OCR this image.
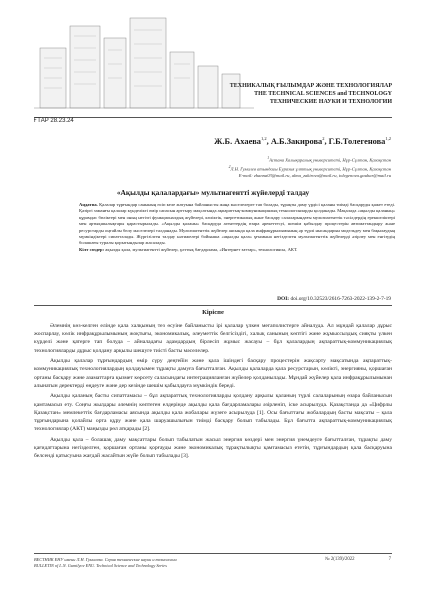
ТЕХНИКАЛЫҚ ҒЫЛЫМДАР ЖӘНЕ ТЕХНОЛОГИЯЛАР
THE TECHNICAL SCIENCES and TECHNOLOGY
ТЕХНИЧЕСКИЕ НАУКИ И ТЕХНОЛОГИИ
ҒТАР 28.23.24
Ж.Б. Ахаева$^{1,2}$, А.Б.Закирова$^2$, Г.Б.Толегенова$^{1,2}$
$^1$Астана Халықаралық университеті, Нұр-Сұлтан, Қазақстан
$^2$Л.Н. Гумилев атындағы Еуразия ұлттық университеті, Нұр-Сұлтан, Қазақстан
E-mail: zhanna03@mail.ru, alma_zakirova@mail.ru, tolegenova.gauhar@mail.ru
«Ақылды қалалардағы» мультиагентті жүйелерді талдау
Аңдатпа. Қалалар тұрғындар санының өсіп келе жатуына байланысты жаңа мәселелерге тап болады, тұрақты даму үрдісі қаланы тиімді басқаруды қажет етеді. Қазіргі заманғы қалалар күнделікті өмір сапасын арттыру мақсатында ақпараттық-коммуникациялық технологияларды қолданады. Мақалада «ақылды қаланың» құрамдас бөліктері мен оның негізгі функционалдық жүйелері, көліктік, энергетикалық және басқару салаларындағы мультиагенттік тәсілдердің ерекшеліктері мен артықшылықтары қарастырылады. «Ақылды қаланы» басқаруда агенттердің өзара әрекеттесуі, шешім қабылдау процестерін автоматтандыру және ресурстарды оңтайлы бөлу мәселелері талданады. Мультиагенттік жүйелер аясында қала инфрақұрылымының әр түрлі нысандарын модельдеу мен бақылаудың мүмкіндіктері сипатталады. Жүргізілген талдау нәтижелері бойынша «ақылды қала» ұғымына негізделген мультиагенттік жүйелерді әзірлеу мен енгізудің болашағы туралы қорытындылар жасалады.
Кілт сөздер: ақылды қала, мультиагентті жүйелер, ұлттық бағдарлама, «Интернет заттар», технологиясы, АКТ.
DOI: doi.org/10.32523/2616-7263-2022-139-2-7-19
Кіріспе

Әлемнің көз-келген елінде қала халқының тез өсуіне байланысты ірі қалалар үлкен мегаполистерге айналуда. Ал мұндай қалалар дұрыс жоспарлау, көлік инфрақұрылымының жоқтығы, экономикалық, әлеуметтік белгісіздігі, халық санының көптігі және жұмыссыздық сияқты үлкен күрделі және қатерге тап болуда – айналадағы адамдардың бірлесіп жұмыс жасауы – бұл қалалардың ақпараттық-коммуникациялық технологияларды дұрыс қолдану арқылы шешуге тиісті басты мәселелер.

Ақылды қалалар тұрғындардың өмір сүру деңгейін және қала ішіндегі басқару процестерін жақсарту мақсатында ақпараттық-коммуникациялық технологиялардың қолдауымен тұрақты дамуға бағытталған. Ақылды қалаларда қала ресурстарын, көлікті, энергияны, қоршаған ортаны басқару және азаматтарға қызмет көрсету саласындағы интеграцияланған жүйелер қолданылады. Мұндай жүйелер қала инфрақұрылымынан алынатын деректерді өңдеуге және дер кезінде шешім қабылдауға мүмкіндік береді.

Ақылды қаланың басты сипаттамасы – бұл ақпараттық технологияларды қолдану арқылы қаланың түрлі салаларының өзара байланысын қамтамасыз ету. Соңғы жылдары әлемнің көптеген елдерінде ақылды қала бағдарламалары әзірленіп, іске асырылуда. Қазақстанда да «Цифрлы Қазақстан» мемлекеттік бағдарламасы аясында ақылды қала жобалары жүзеге асырылуда [1]. Осы бағыттағы жобалардың басты мақсаты – қала тұрғындарына қолайлы орта құру және қала шаруашылығын тиімді басқару болып табылады. Бұл бағытта ақпараттық-коммуникациялық технологиялар (АКТ) маңызды рөл атқарады [2].

Ақылды қала – болашақ даму мақсаттары болып табылатын жасыл энергия көздері мен энергия үнемдеуге бағытталған, тұрақты даму қағидаттарына негізделген, қоршаған ортаны қорғауды және экономикалық тұрақтылықты қамтамасыз ететін, тұрғындардың қала басқаруына белсенді қатысуына жағдай жасайтын жүйе болып табылады [3].

ВЕСТНИК ЕНУ имени Л.Н. Гумилева. Серия технические науки и технологии
BULLETIN of L.N. Gumilyov ENU. Technical Science and Technology Series
№ 2(139)/2022	7
